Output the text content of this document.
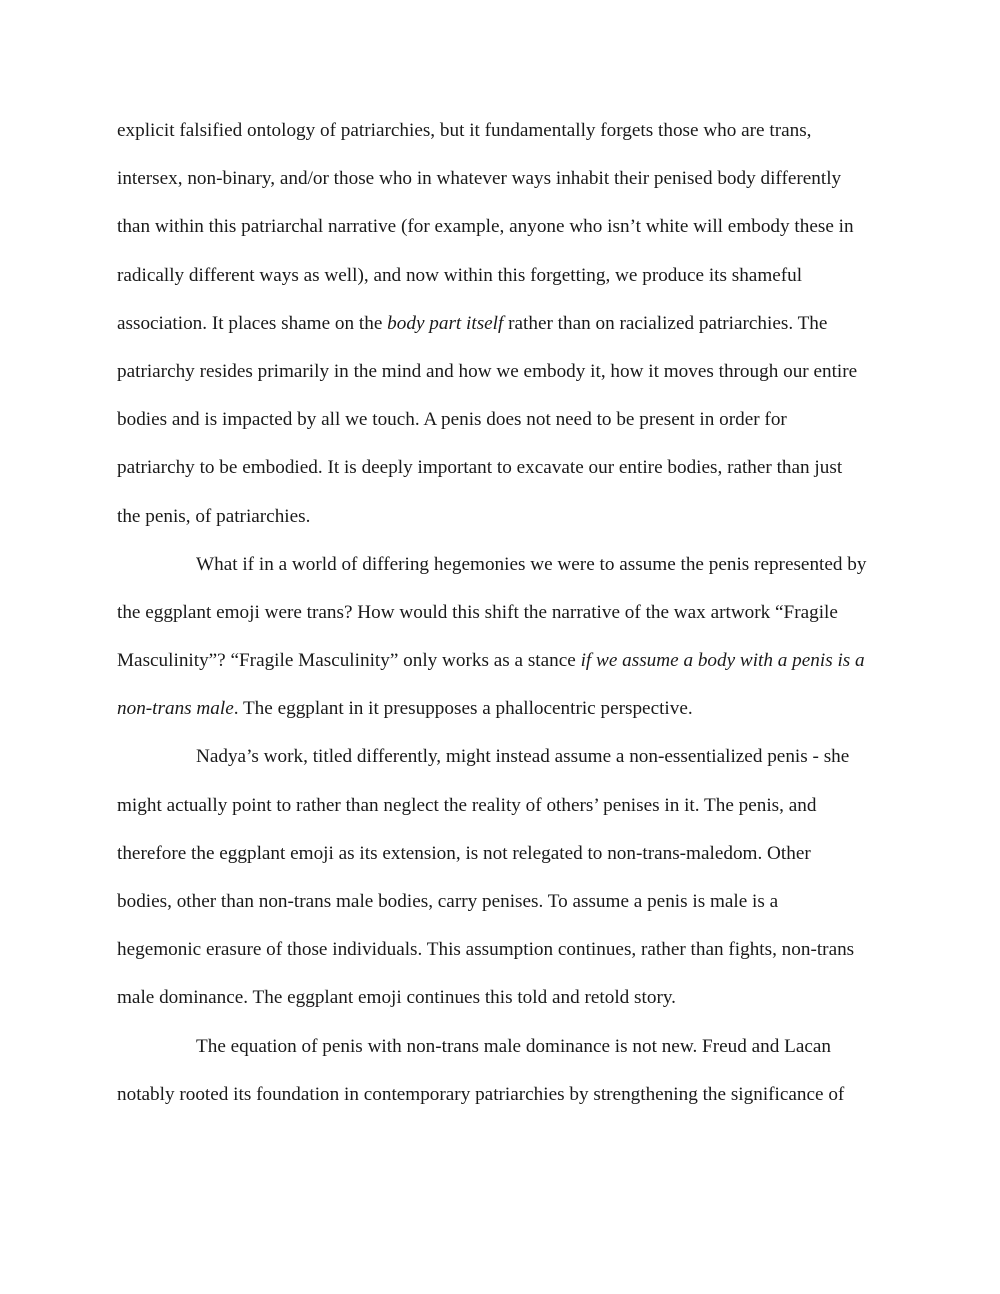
explicit falsified ontology of patriarchies, but it fundamentally forgets those who are trans,
intersex, non-binary, and/or those who in whatever ways inhabit their penised body differently
than within this patriarchal narrative (for example, anyone who isn’t white will embody these in
radically different ways as well), and now within this forgetting, we produce its shameful
association. It places shame on the body part itself rather than on racialized patriarchies. The
patriarchy resides primarily in the mind and how we embody it, how it moves through our entire
bodies and is impacted by all we touch. A penis does not need to be present in order for
patriarchy to be embodied. It is deeply important to excavate our entire bodies, rather than just
the penis, of patriarchies.
What if in a world of differing hegemonies we were to assume the penis represented by
the eggplant emoji were trans? How would this shift the narrative of the wax artwork “Fragile
Masculinity”? “Fragile Masculinity” only works as a stance if we assume a body with a penis is a
non-trans male. The eggplant in it presupposes a phallocentric perspective.
Nadya’s work, titled differently, might instead assume a non-essentialized penis - she
might actually point to rather than neglect the reality of others’ penises in it. The penis, and
therefore the eggplant emoji as its extension, is not relegated to non-trans-maledom. Other
bodies, other than non-trans male bodies, carry penises. To assume a penis is male is a
hegemonic erasure of those individuals. This assumption continues, rather than fights, non-trans
male dominance. The eggplant emoji continues this told and retold story.
The equation of penis with non-trans male dominance is not new. Freud and Lacan
notably rooted its foundation in contemporary patriarchies by strengthening the significance of
